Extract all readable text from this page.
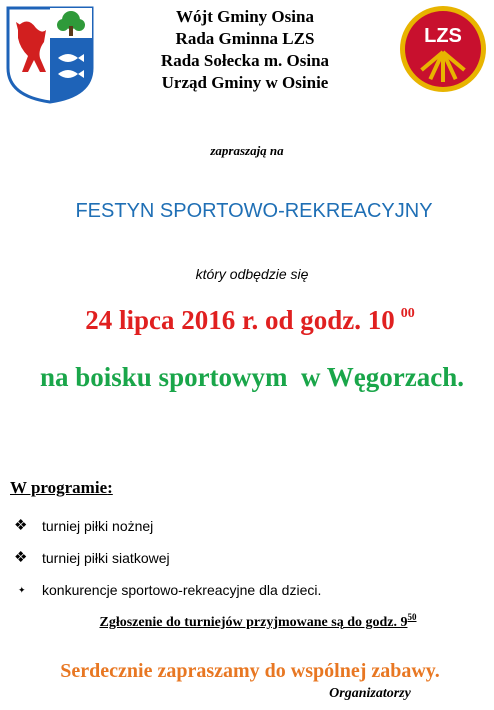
LZS
Wójt Gminy Osina
Rada Gminna LZS
Rada Sołecka m. Osina
Urząd Gminy w Osinie
zapraszają na
FESTYN SPORTOWO-REKREACYJNY
który odbędzie się
24 lipca 2016 r. od godz. 10 $^{00}$
na boisku sportowym  w Węgorzach.
W programie:
❖	turniej piłki nożnej
❖	turniej piłki siatkowej
✦	konkurencje sportowo-rekreacyjne dla dzieci.
Zgłoszenie do turniejów przyjmowane są do godz. $9^{50}$
Serdecznie zapraszamy do wspólnej zabawy.
Organizatorzy
